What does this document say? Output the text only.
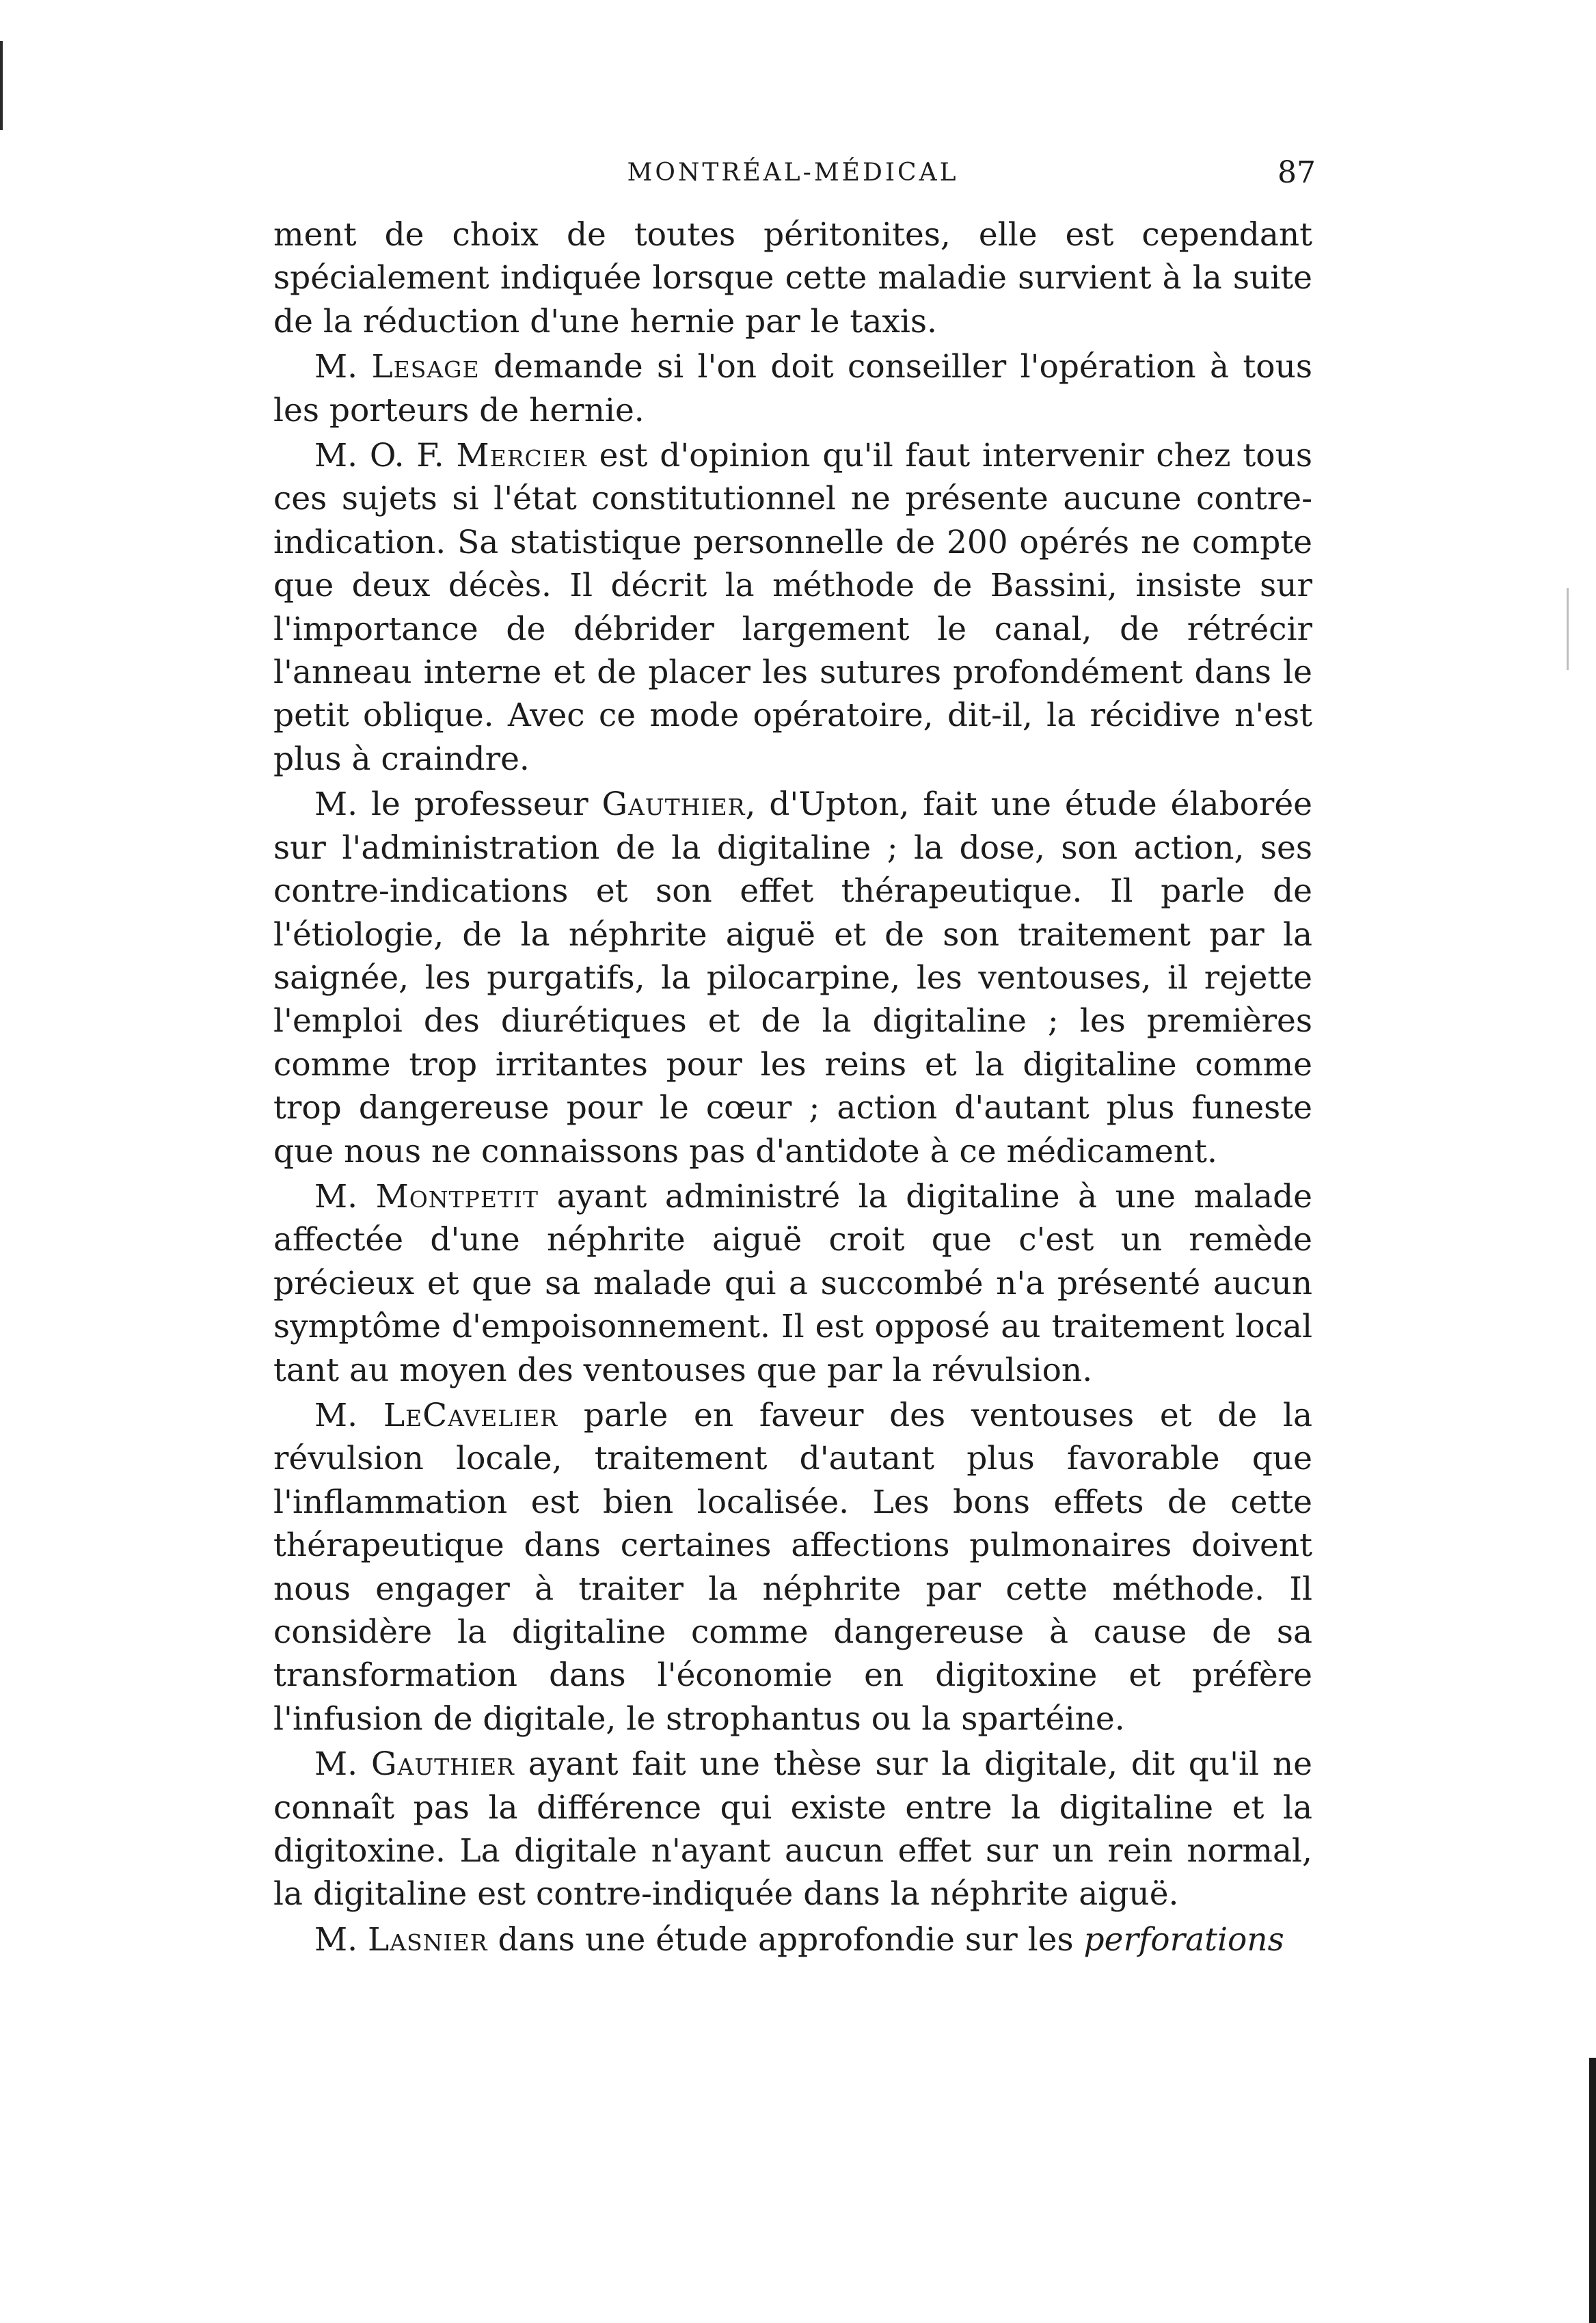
MONTRÉAL-MÉDICAL	87

ment de choix de toutes péritonites, elle est cependant spécialement indiquée lorsque cette maladie survient à la suite de la réduction d'une hernie par le taxis.

M. Lesage demande si l'on doit conseiller l'opération à tous les porteurs de hernie.

M. O. F. Mercier est d'opinion qu'il faut intervenir chez tous ces sujets si l'état constitutionnel ne présente aucune contre-indication. Sa statistique personnelle de 200 opérés ne compte que deux décès. Il décrit la méthode de Bassini, insiste sur l'importance de débrider largement le canal, de rétrécir l'anneau interne et de placer les sutures profondément dans le petit oblique. Avec ce mode opératoire, dit-il, la récidive n'est plus à craindre.

M. le professeur Gauthier, d'Upton, fait une étude élaborée sur l'administration de la digitaline ; la dose, son action, ses contre-indications et son effet thérapeutique. Il parle de l'étiologie, de la néphrite aiguë et de son traitement par la saignée, les purgatifs, la pilocarpine, les ventouses, il rejette l'emploi des diurétiques et de la digitaline ; les premières comme trop irritantes pour les reins et la digitaline comme trop dangereuse pour le cœur ; action d'autant plus funeste que nous ne connaissons pas d'antidote à ce médicament.

M. Montpetit ayant administré la digitaline à une malade affectée d'une néphrite aiguë croit que c'est un remède précieux et que sa malade qui a succombé n'a présenté aucun symptôme d'empoisonnement. Il est opposé au traitement local tant au moyen des ventouses que par la révulsion.

M. LeCavelier parle en faveur des ventouses et de la révulsion locale, traitement d'autant plus favorable que l'inflammation est bien localisée. Les bons effets de cette thérapeutique dans certaines affections pulmonaires doivent nous engager à traiter la néphrite par cette méthode. Il considère la digitaline comme dangereuse à cause de sa transformation dans l'économie en digitoxine et préfère l'infusion de digitale, le strophantus ou la spartéine.

M. Gauthier ayant fait une thèse sur la digitale, dit qu'il ne connaît pas la différence qui existe entre la digitaline et la digitoxine. La digitale n'ayant aucun effet sur un rein normal, la digitaline est contre-indiquée dans la néphrite aiguë.

M. Lasnier dans une étude approfondie sur les perforations
